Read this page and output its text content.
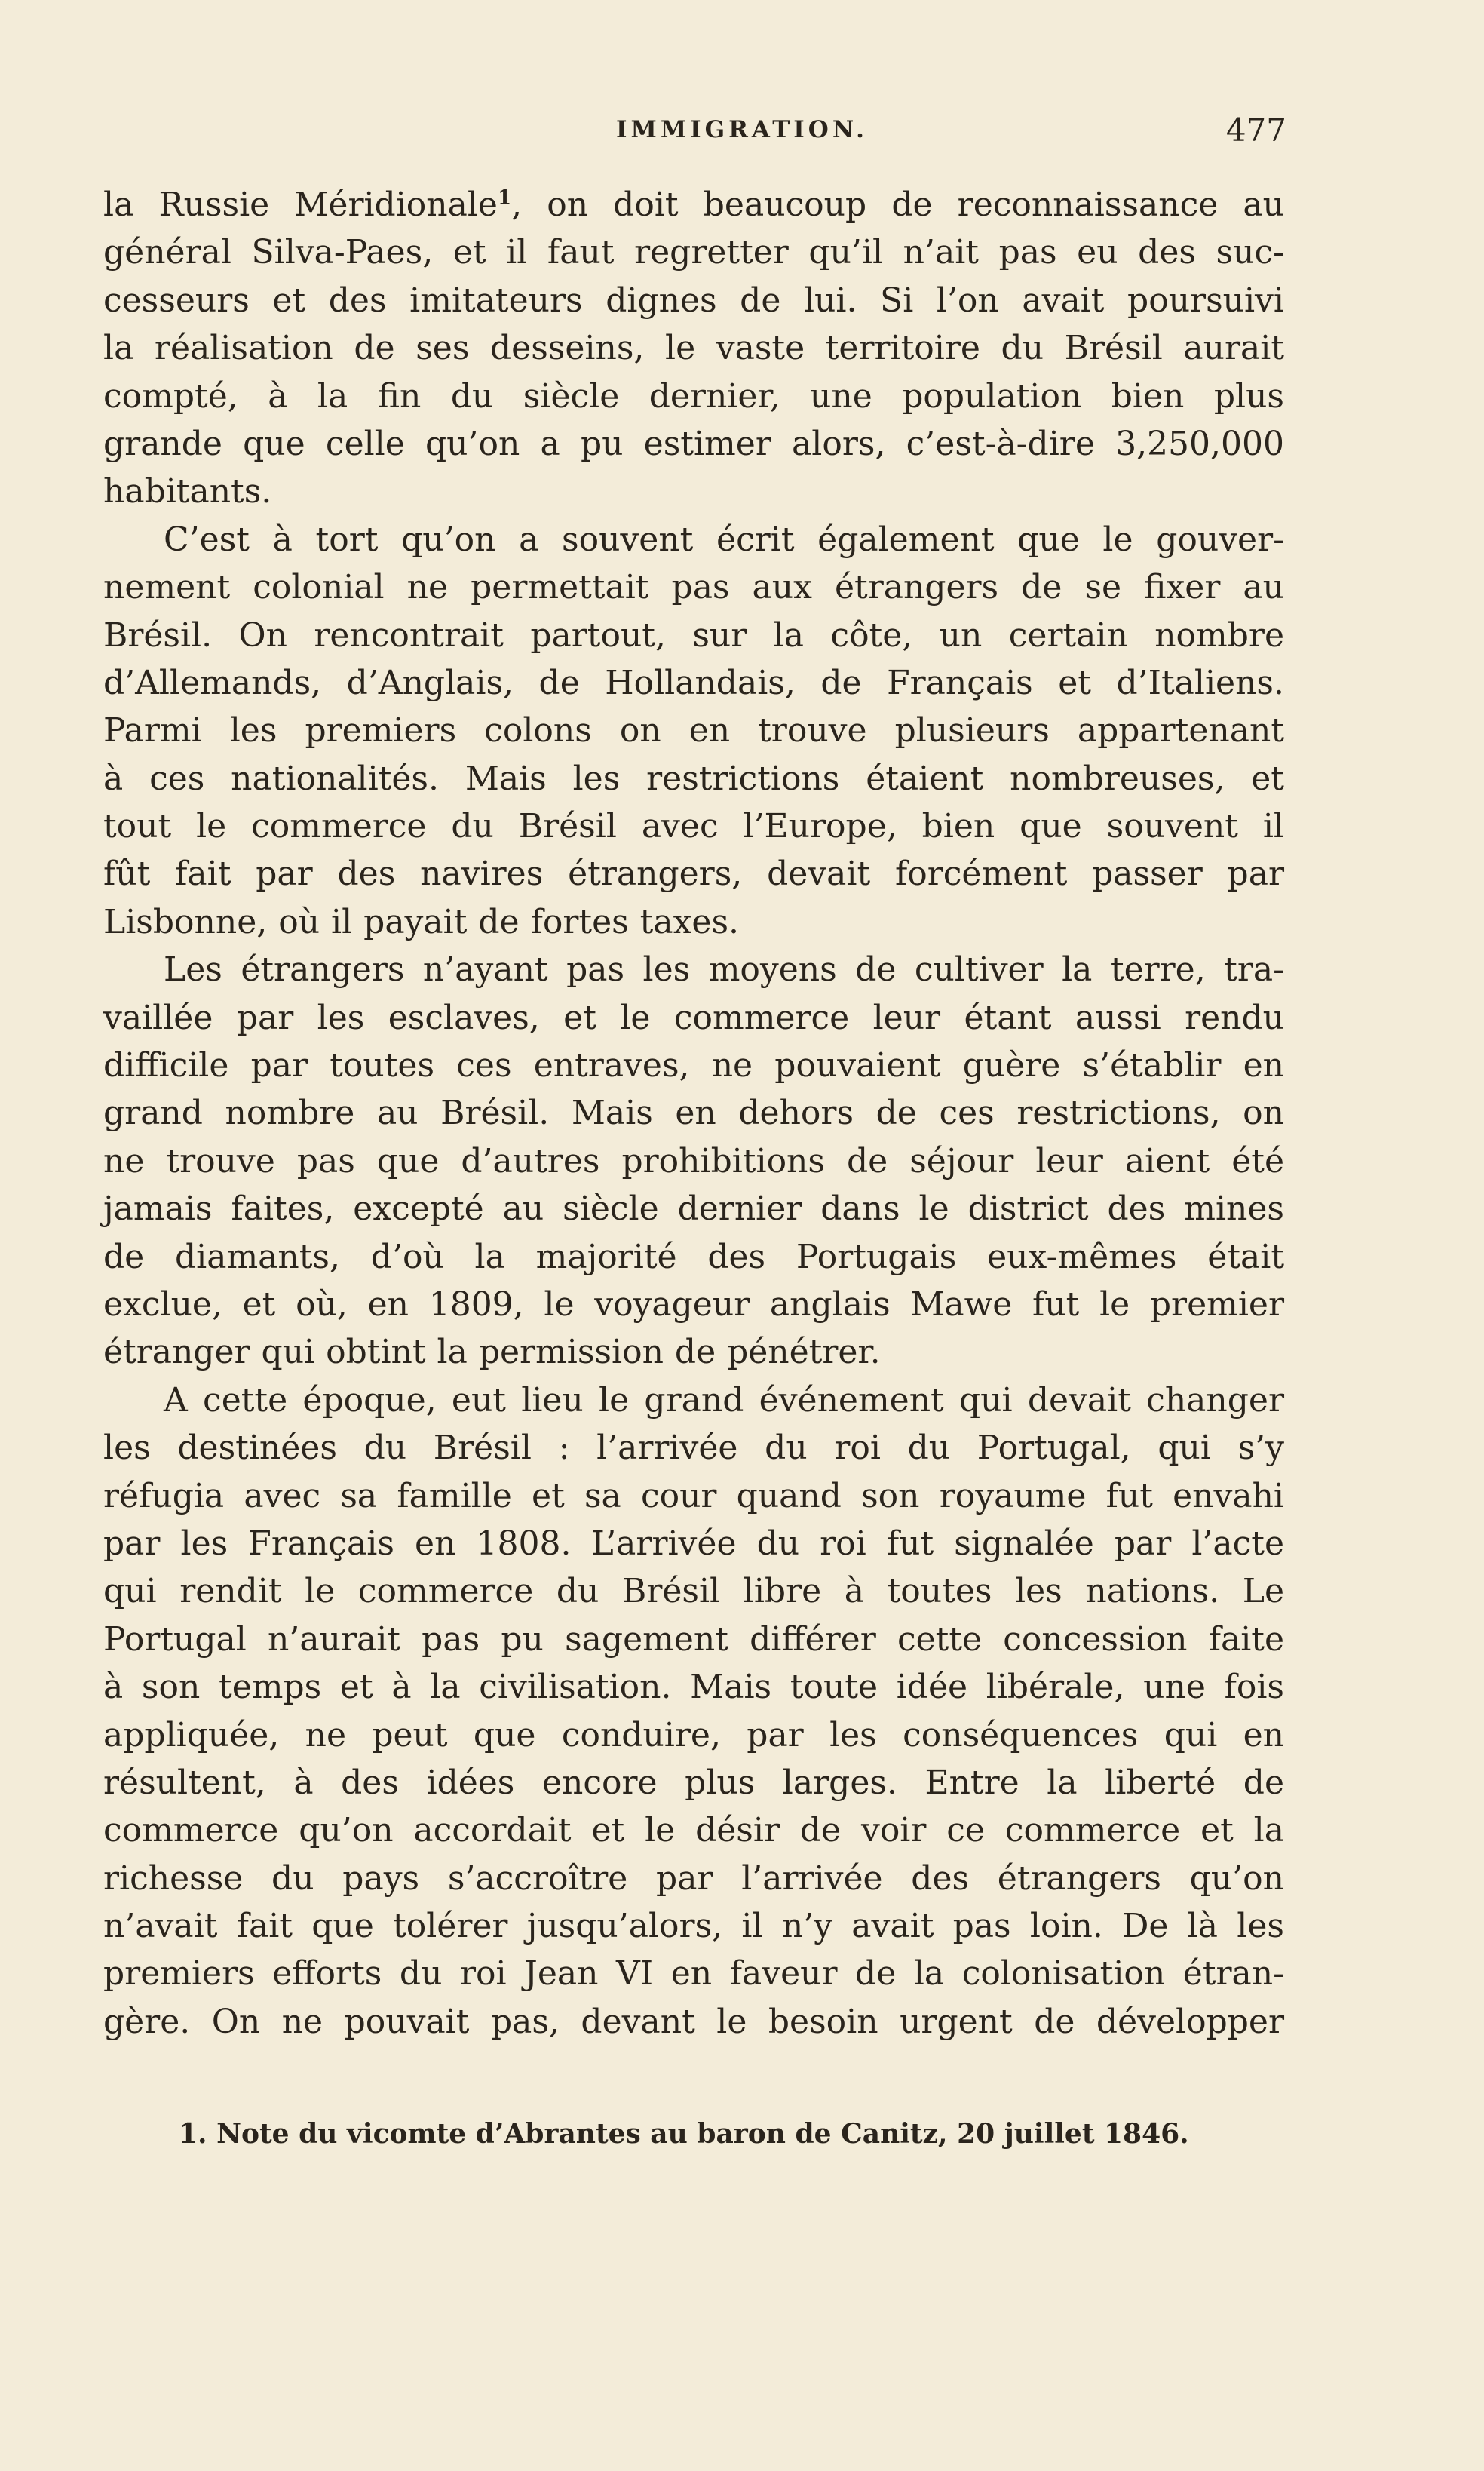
IMMIGRATION.	477
la Russie Méridionale$^1$, on doit beaucoup de reconnaissance au
général Silva-Paes, et il faut regretter qu’il n’ait pas eu des suc-
cesseurs et des imitateurs dignes de lui. Si l’on avait poursuivi
la réalisation de ses desseins, le vaste territoire du Brésil aurait
compté, à la fin du siècle dernier, une population bien plus
grande que celle qu’on a pu estimer alors, c’est-à-dire 3,250,000
habitants.
C’est à tort qu’on a souvent écrit également que le gouver-
nement colonial ne permettait pas aux étrangers de se fixer au
Brésil. On rencontrait partout, sur la côte, un certain nombre
d’Allemands, d’Anglais, de Hollandais, de Français et d’Italiens.
Parmi les premiers colons on en trouve plusieurs appartenant
à ces nationalités. Mais les restrictions étaient nombreuses, et
tout le commerce du Brésil avec l’Europe, bien que souvent il
fût fait par des navires étrangers, devait forcément passer par
Lisbonne, où il payait de fortes taxes.
Les étrangers n’ayant pas les moyens de cultiver la terre, tra-
vaillée par les esclaves, et le commerce leur étant aussi rendu
difficile par toutes ces entraves, ne pouvaient guère s’établir en
grand nombre au Brésil. Mais en dehors de ces restrictions, on
ne trouve pas que d’autres prohibitions de séjour leur aient été
jamais faites, excepté au siècle dernier dans le district des mines
de diamants, d’où la majorité des Portugais eux-mêmes était
exclue, et où, en 1809, le voyageur anglais Mawe fut le premier
étranger qui obtint la permission de pénétrer.
A cette époque, eut lieu le grand événement qui devait changer
les destinées du Brésil : l’arrivée du roi du Portugal, qui s’y
réfugia avec sa famille et sa cour quand son royaume fut envahi
par les Français en 1808. L’arrivée du roi fut signalée par l’acte
qui rendit le commerce du Brésil libre à toutes les nations. Le
Portugal n’aurait pas pu sagement différer cette concession faite
à son temps et à la civilisation. Mais toute idée libérale, une fois
appliquée, ne peut que conduire, par les conséquences qui en
résultent, à des idées encore plus larges. Entre la liberté de
commerce qu’on accordait et le désir de voir ce commerce et la
richesse du pays s’accroître par l’arrivée des étrangers qu’on
n’avait fait que tolérer jusqu’alors, il n’y avait pas loin. De là les
premiers efforts du roi Jean VI en faveur de la colonisation étran-
gère. On ne pouvait pas, devant le besoin urgent de développer
1. Note du vicomte d’Abrantes au baron de Canitz, 20 juillet 1846.
